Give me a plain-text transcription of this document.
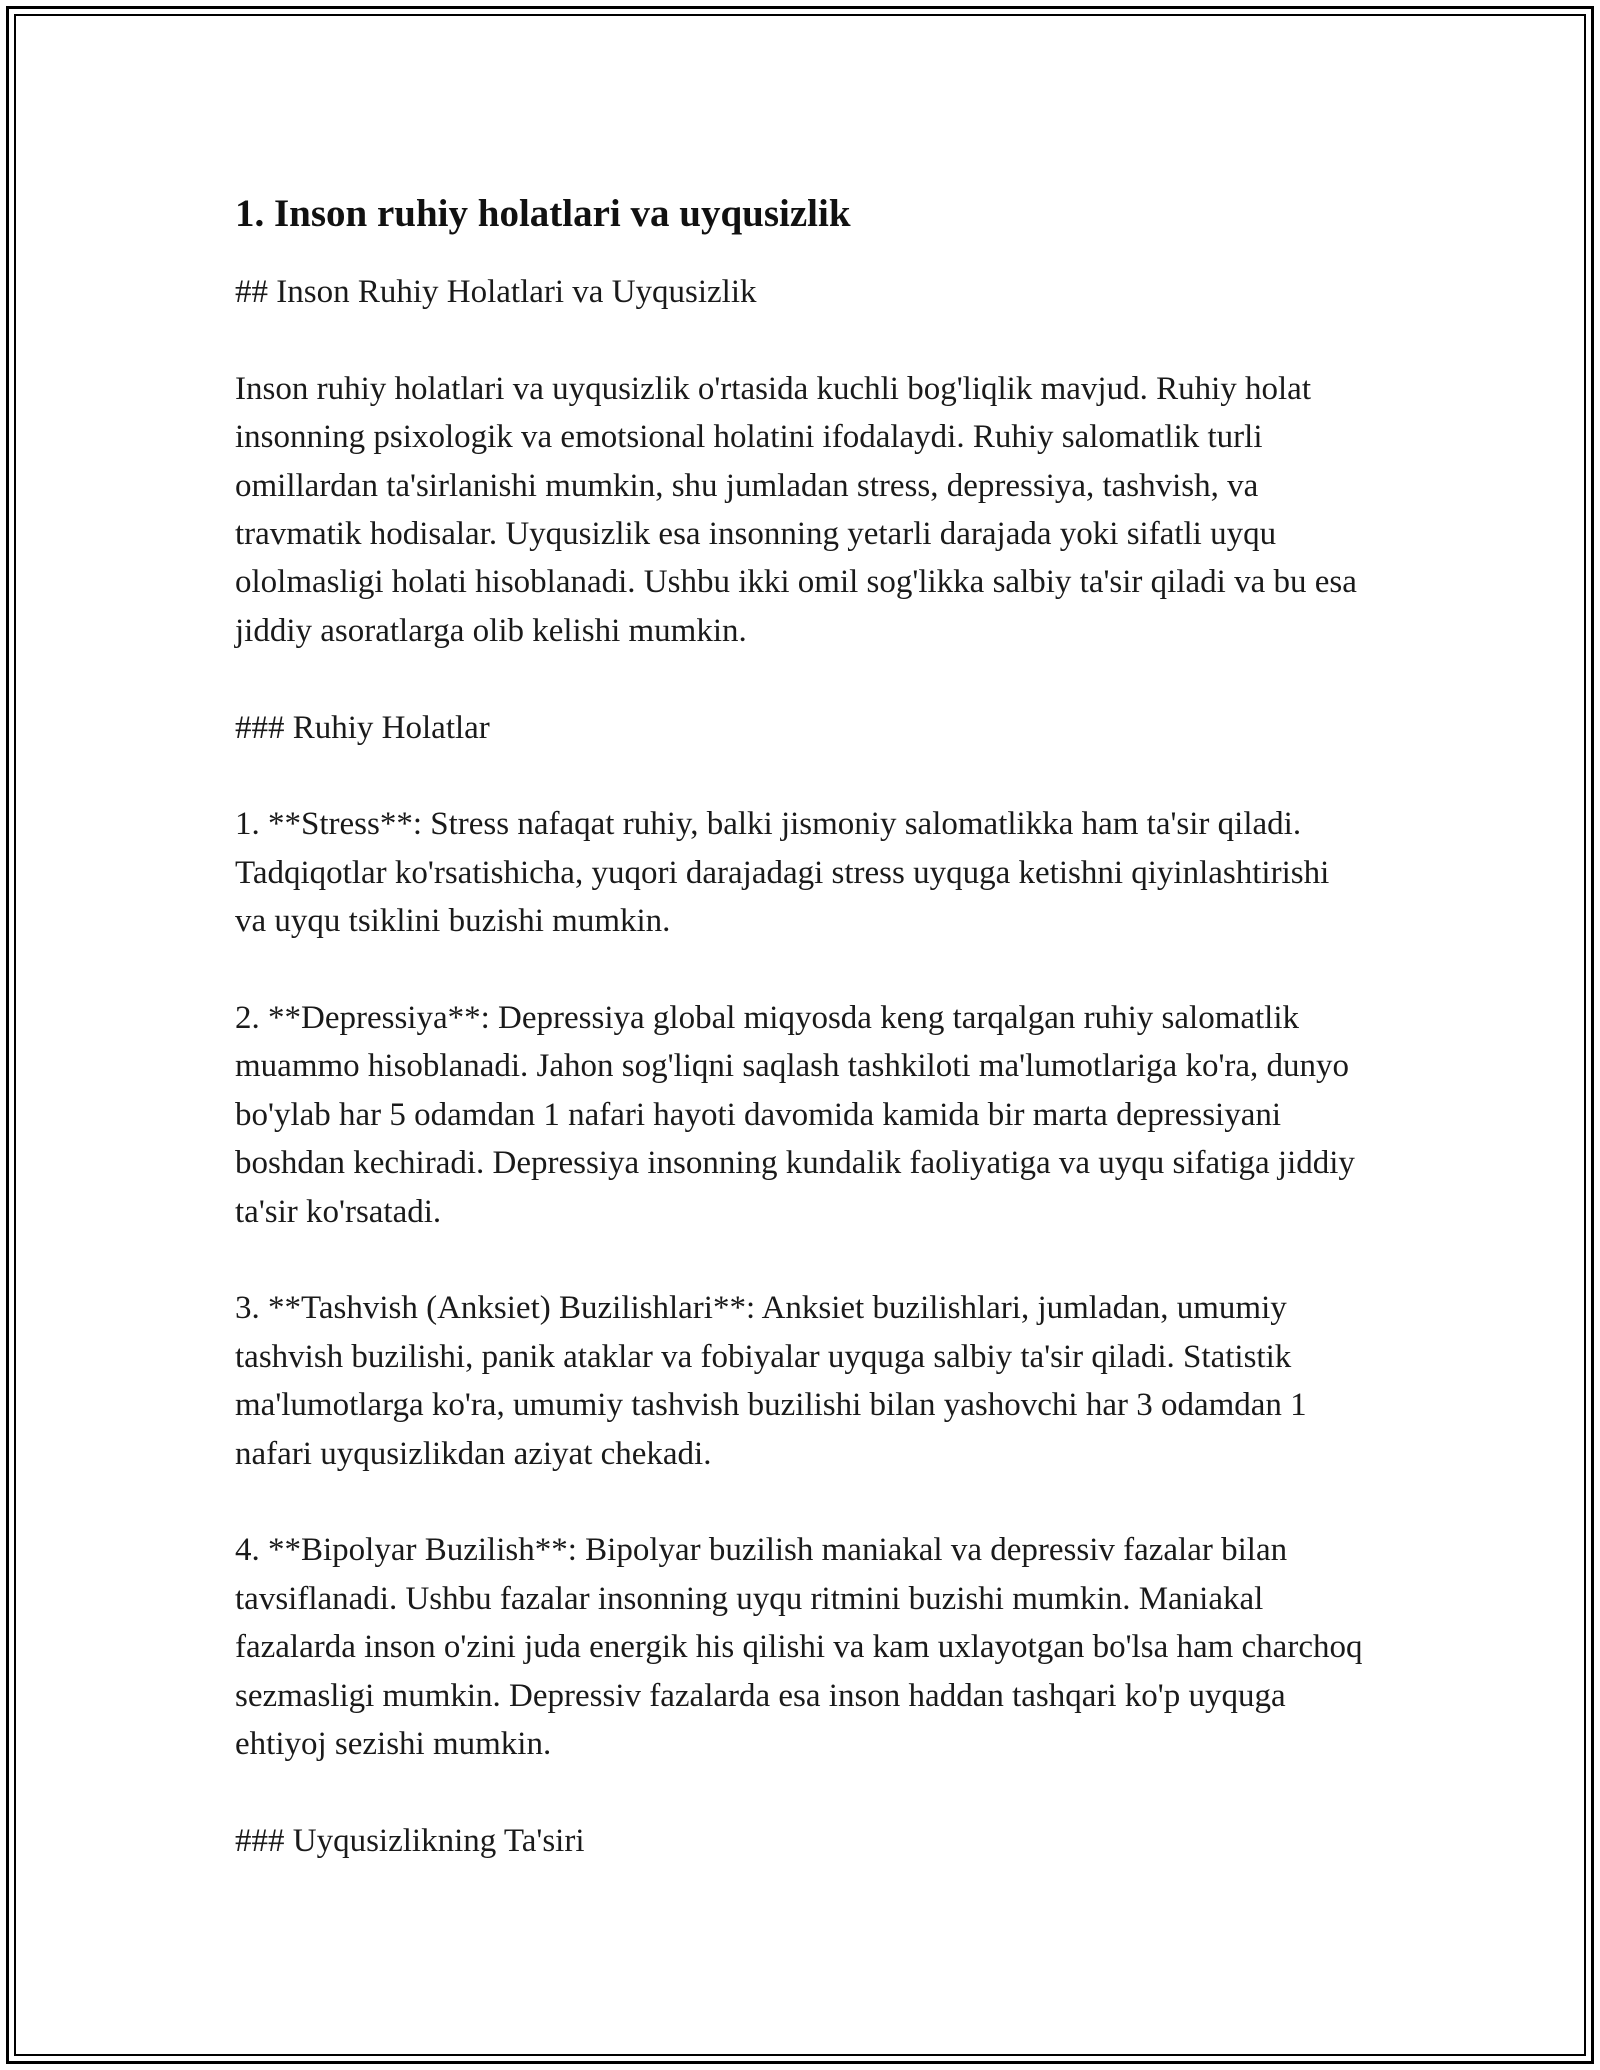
1. Inson ruhiy holatlari va uyqusizlik

## Inson Ruhiy Holatlari va Uyqusizlik

Inson ruhiy holatlari va uyqusizlik o'rtasida kuchli bog'liqlik mavjud. Ruhiy holat insonning psixologik va emotsional holatini ifodalaydi. Ruhiy salomatlik turli omillardan ta'sirlanishi mumkin, shu jumladan stress, depressiya, tashvish, va travmatik hodisalar. Uyqusizlik esa insonning yetarli darajada yoki sifatli uyqu ololmasligi holati hisoblanadi. Ushbu ikki omil sog'likka salbiy ta'sir qiladi va bu esa jiddiy asoratlarga olib kelishi mumkin.

### Ruhiy Holatlar

1. **Stress**: Stress nafaqat ruhiy, balki jismoniy salomatlikka ham ta'sir qiladi. Tadqiqotlar ko'rsatishicha, yuqori darajadagi stress uyquga ketishni qiyinlashtirishi va uyqu tsiklini buzishi mumkin.

2. **Depressiya**: Depressiya global miqyosda keng tarqalgan ruhiy salomatlik muammo hisoblanadi. Jahon sog'liqni saqlash tashkiloti ma'lumotlariga ko'ra, dunyo bo'ylab har 5 odamdan 1 nafari hayoti davomida kamida bir marta depressiyani boshdan kechiradi. Depressiya insonning kundalik faoliyatiga va uyqu sifatiga jiddiy ta'sir ko'rsatadi.

3. **Tashvish (Anksiet) Buzilishlari**: Anksiet buzilishlari, jumladan, umumiy tashvish buzilishi, panik ataklar va fobiyalar uyquga salbiy ta'sir qiladi. Statistik ma'lumotlarga ko'ra, umumiy tashvish buzilishi bilan yashovchi har 3 odamdan 1 nafari uyqusizlikdan aziyat chekadi.

4. **Bipolyar Buzilish**: Bipolyar buzilish maniakal va depressiv fazalar bilan tavsiflanadi. Ushbu fazalar insonning uyqu ritmini buzishi mumkin. Maniakal fazalarda inson o'zini juda energik his qilishi va kam uxlayotgan bo'lsa ham charchoq sezmasligi mumkin. Depressiv fazalarda esa inson haddan tashqari ko'p uyquga ehtiyoj sezishi mumkin.

### Uyqusizlikning Ta'siri
